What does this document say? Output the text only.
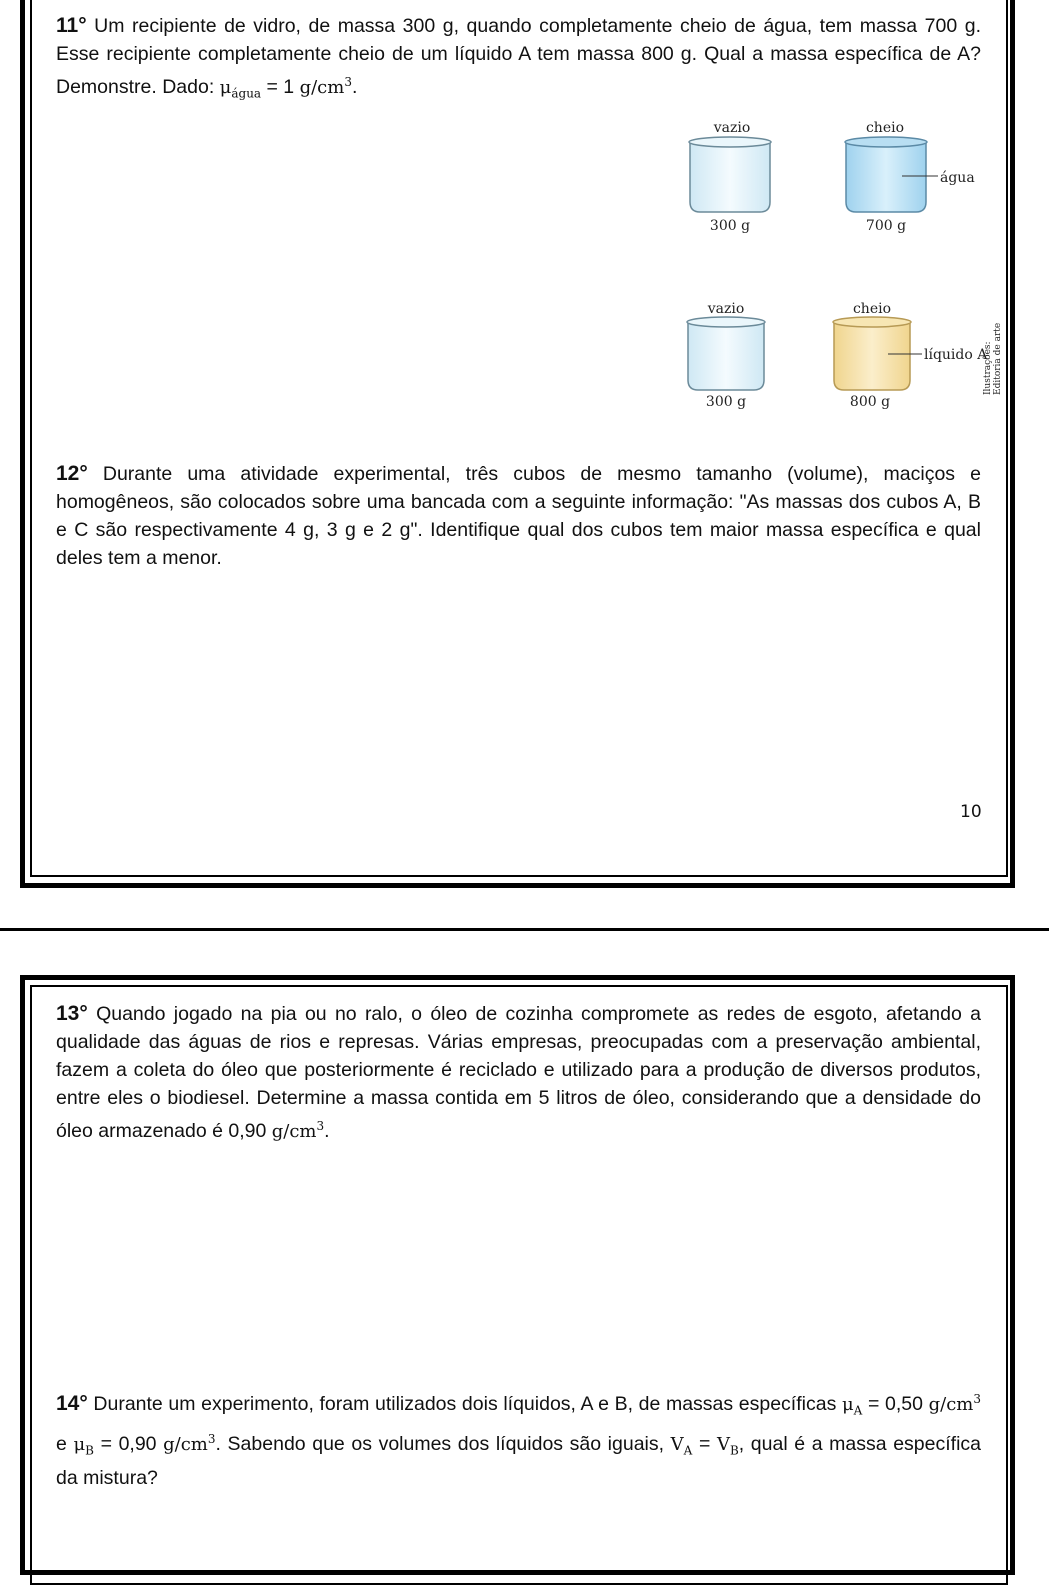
11° Um recipiente de vidro, de massa 300 g, quando completamente cheio de água, tem massa 700 g. Esse recipiente completamente cheio de um líquido A tem massa 800 g. Qual a massa específica de A? Demonstre. Dado: $\mu_{água} = 1$ $g/cm^3$.
vazio
300 g
cheio
água
700 g
vazio
300 g
cheio
líquido A
800 g
Ilustrações: Editoria de arte
12° Durante uma atividade experimental, três cubos de mesmo tamanho (volume), maciços e homogêneos, são colocados sobre uma bancada com a seguinte informação: "As massas dos cubos A, B e C são respectivamente 4 g, 3 g e 2 g". Identifique qual dos cubos tem maior massa específica e qual deles tem a menor.
10
13° Quando jogado na pia ou no ralo, o óleo de cozinha compromete as redes de esgoto, afetando a qualidade das águas de rios e represas. Várias empresas, preocupadas com a preservação ambiental, fazem a coleta do óleo que posteriormente é reciclado e utilizado para a produção de diversos produtos, entre eles o biodiesel. Determine a massa contida em 5 litros de óleo, considerando que a densidade do óleo armazenado é 0,90 $g/cm^3$.
14° Durante um experimento, foram utilizados dois líquidos, A e B, de massas específicas $\mu_A = 0,50$ $g/cm^3$ e $\mu_B = 0,90$ $g/cm^3$. Sabendo que os volumes dos líquidos são iguais, $V_A = V_B$, qual é a massa específica da mistura?
